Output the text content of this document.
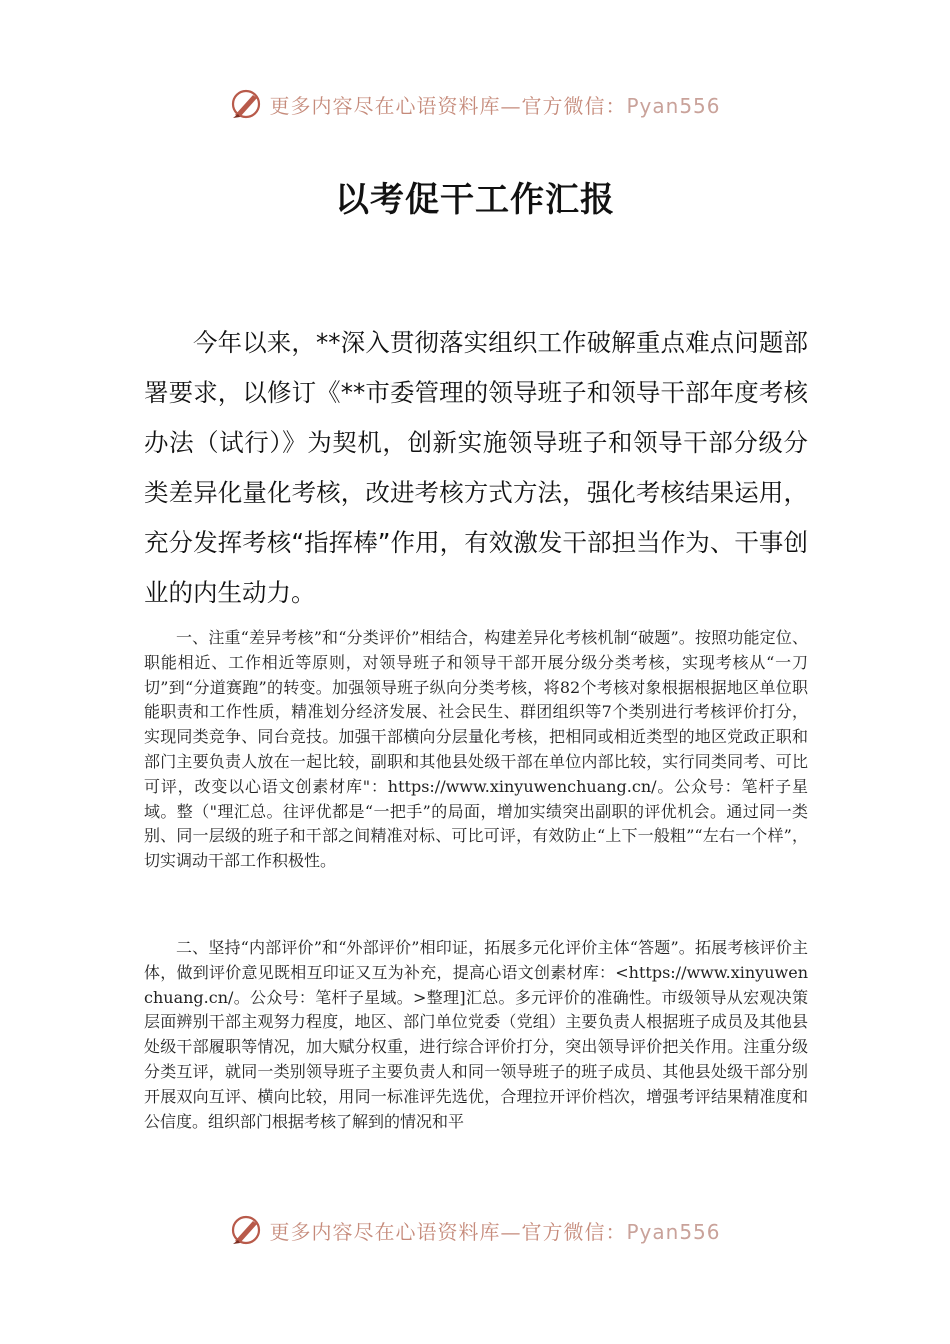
更多内容尽在心语资料库—官方微信：Pyan556
以考促干工作汇报

今年以来，**深入贯彻落实组织工作破解重点难点问题部署要求，以修订《**市委管理的领导班子和领导干部年度考核办法（试行）》为契机，创新实施领导班子和领导干部分级分类差异化量化考核，改进考核方式方法，强化考核结果运用，充分发挥考核“指挥棒”作用，有效激发干部担当作为、干事创业的内生动力。

一、注重“差异考核”和“分类评价”相结合，构建差异化考核机制“破题”。按照功能定位、职能相近、工作相近等原则，对领导班子和领导干部开展分级分类考核，实现考核从“一刀切”到“分道赛跑”的转变。加强领导班子纵向分类考核，将82个考核对象根据根据地区单位职能职责和工作性质，精准划分经济发展、社会民生、群团组织等7个类别进行考核评价打分，实现同类竞争、同台竞技。加强干部横向分层量化考核，把相同或相近类型的地区党政正职和部门主要负责人放在一起比较，副职和其他县处级干部在单位内部比较，实行同类同考、可比可评，改变以心语文创素材库"：https://www.xinyuwenchuang.cn/。公众号：笔杆子星域。整（"理汇总。往评优都是“一把手”的局面，增加实绩突出副职的评优机会。通过同一类别、同一层级的班子和干部之间精准对标、可比可评，有效防止“上下一般粗”“左右一个样”，切实调动干部工作积极性。

二、坚持“内部评价”和“外部评价”相印证，拓展多元化评价主体“答题”。拓展考核评价主体，做到评价意见既相互印证又互为补充，提高心语文创素材库：<https://www.xinyuwenchuang.cn/。公众号：笔杆子星域。>整理]汇总。多元评价的准确性。市级领导从宏观决策层面辨别干部主观努力程度，地区、部门单位党委（党组）主要负责人根据班子成员及其他县处级干部履职等情况，加大赋分权重，进行综合评价打分，突出领导评价把关作用。注重分级分类互评，就同一类别领导班子主要负责人和同一领导班子的班子成员、其他县处级干部分别开展双向互评、横向比较，用同一标准评先选优，合理拉开评价档次，增强考评结果精准度和公信度。组织部门根据考核了解到的情况和平

更多内容尽在心语资料库—官方微信：Pyan556
